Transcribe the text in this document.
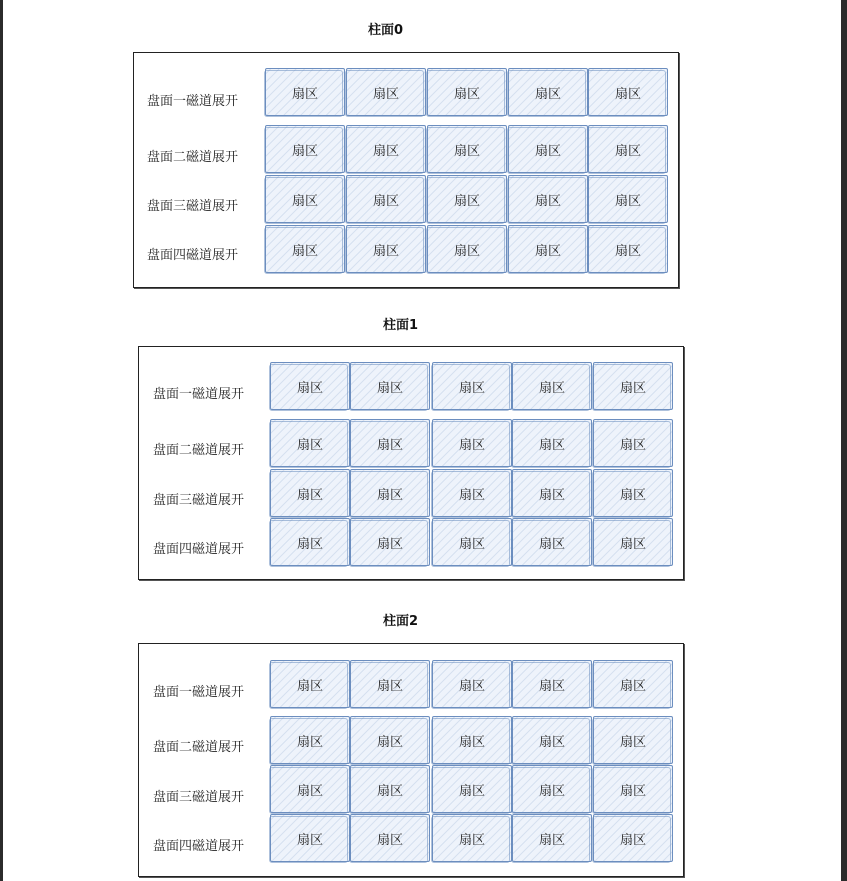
柱面0
盘面一磁道展开	扇区	扇区	扇区	扇区	扇区
盘面二磁道展开	扇区	扇区	扇区	扇区	扇区
盘面三磁道展开	扇区	扇区	扇区	扇区	扇区
盘面四磁道展开	扇区	扇区	扇区	扇区	扇区
柱面1
盘面一磁道展开	扇区	扇区	扇区	扇区	扇区
盘面二磁道展开	扇区	扇区	扇区	扇区	扇区
盘面三磁道展开	扇区	扇区	扇区	扇区	扇区
盘面四磁道展开	扇区	扇区	扇区	扇区	扇区
柱面2
盘面一磁道展开	扇区	扇区	扇区	扇区	扇区
盘面二磁道展开	扇区	扇区	扇区	扇区	扇区
盘面三磁道展开	扇区	扇区	扇区	扇区	扇区
盘面四磁道展开	扇区	扇区	扇区	扇区	扇区
